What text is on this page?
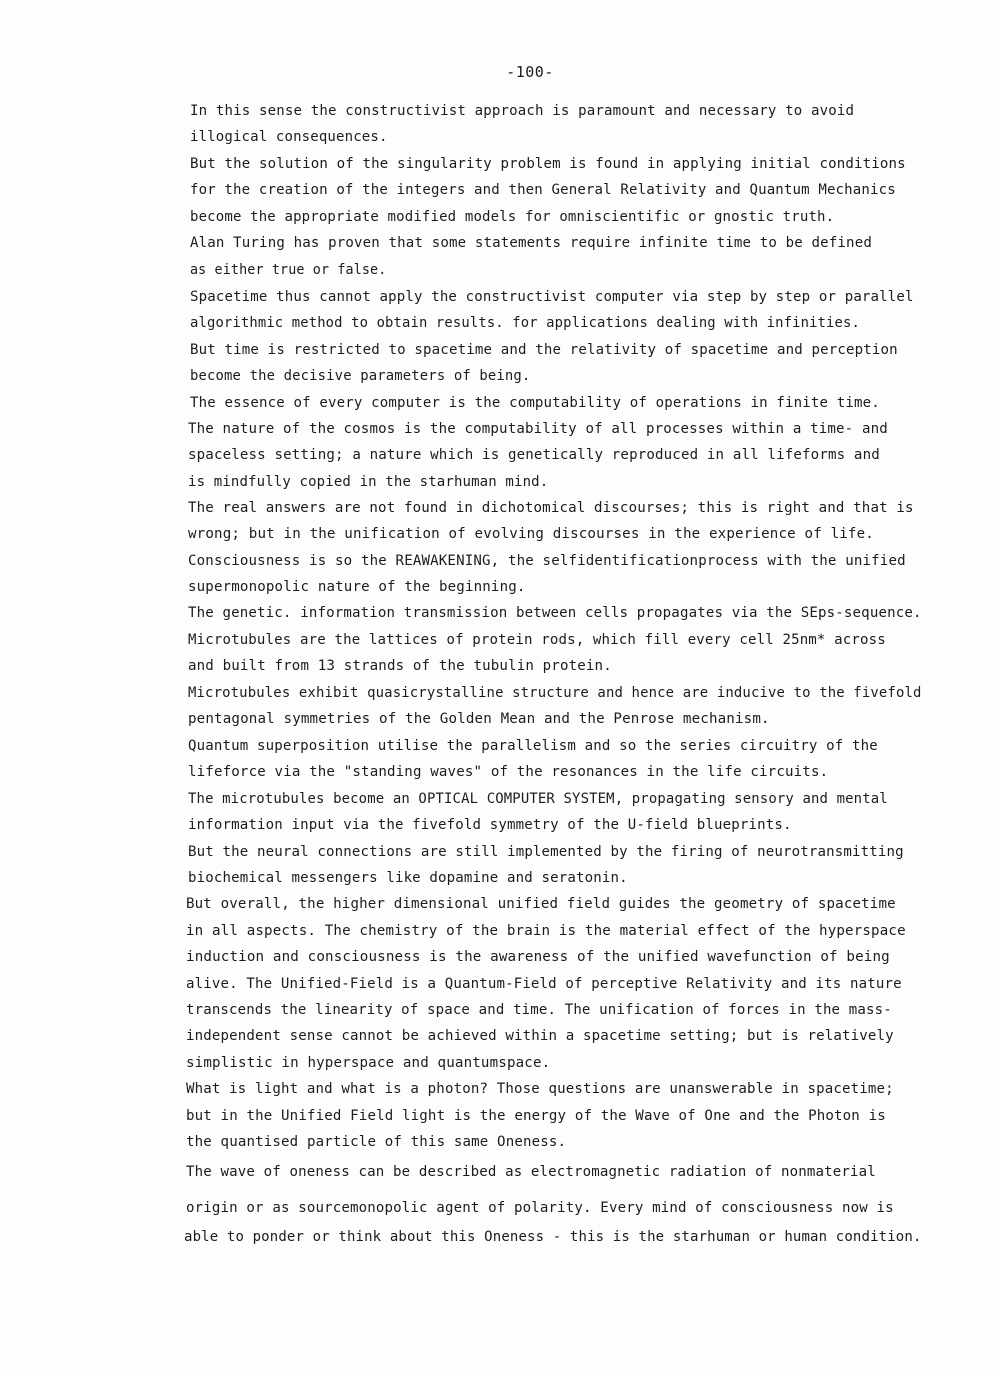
-100-
In this sense the constructivist approach is paramount and necessary to avoid
illogical consequences.
But the solution of the singularity problem is found in applying initial conditions
for the creation of the integers and then General Relativity and Quantum Mechanics
become the appropriate modified models for omniscientific or gnostic truth.
Alan Turing has proven that some statements require infinite time to be defined
as either true or false.
Spacetime thus cannot apply the constructivist computer via step by step or parallel
algorithmic method to obtain results. for applications dealing with infinities.
But time is restricted to spacetime and the relativity of spacetime and perception
become the decisive parameters of being.
The essence of every computer is the computability of operations in finite time.
The nature of the cosmos is the computability of all processes within a time- and
spaceless setting; a nature which is genetically reproduced in all lifeforms and
is mindfully copied in the starhuman mind.
The real answers are not found in dichotomical discourses; this is right and that is
wrong; but in the unification of evolving discourses in the experience of life.
Consciousness is so the REAWAKENING, the selfidentificationprocess with the unified
supermonopolic nature of the beginning.
The genetic. information transmission between cells propagates via the SEps-sequence.
Microtubules are the lattices of protein rods, which fill every cell 25nm* across
and built from 13 strands of the tubulin protein.
Microtubules exhibit quasicrystalline structure and hence are inducive to the fivefold
pentagonal symmetries of the Golden Mean and the Penrose mechanism.
Quantum superposition utilise the parallelism and so the series circuitry of the
lifeforce via the "standing waves" of the resonances in the life circuits.
The microtubules become an OPTICAL COMPUTER SYSTEM, propagating sensory and mental
information input via the fivefold symmetry of the U-field blueprints.
But the neural connections are still implemented by the firing of neurotransmitting
biochemical messengers like dopamine and seratonin.
But overall, the higher dimensional unified field guides the geometry of spacetime
in all aspects. The chemistry of the brain is the material effect of the hyperspace
induction and consciousness is the awareness of the unified wavefunction of being
alive. The Unified-Field is a Quantum-Field of perceptive Relativity and its nature
transcends the linearity of space and time. The unification of forces in the mass-
independent sense cannot be achieved within a spacetime setting; but is relatively
simplistic in hyperspace and quantumspace.
What is light and what is a photon? Those questions are unanswerable in spacetime;
but in the Unified Field light is the energy of the Wave of One and the Photon is
the quantised particle of this same Oneness.
The wave of oneness can be described as electromagnetic radiation of nonmaterial
origin or as sourcemonopolic agent of polarity. Every mind of consciousness now is
able to ponder or think about this Oneness - this is the starhuman or human condition.
